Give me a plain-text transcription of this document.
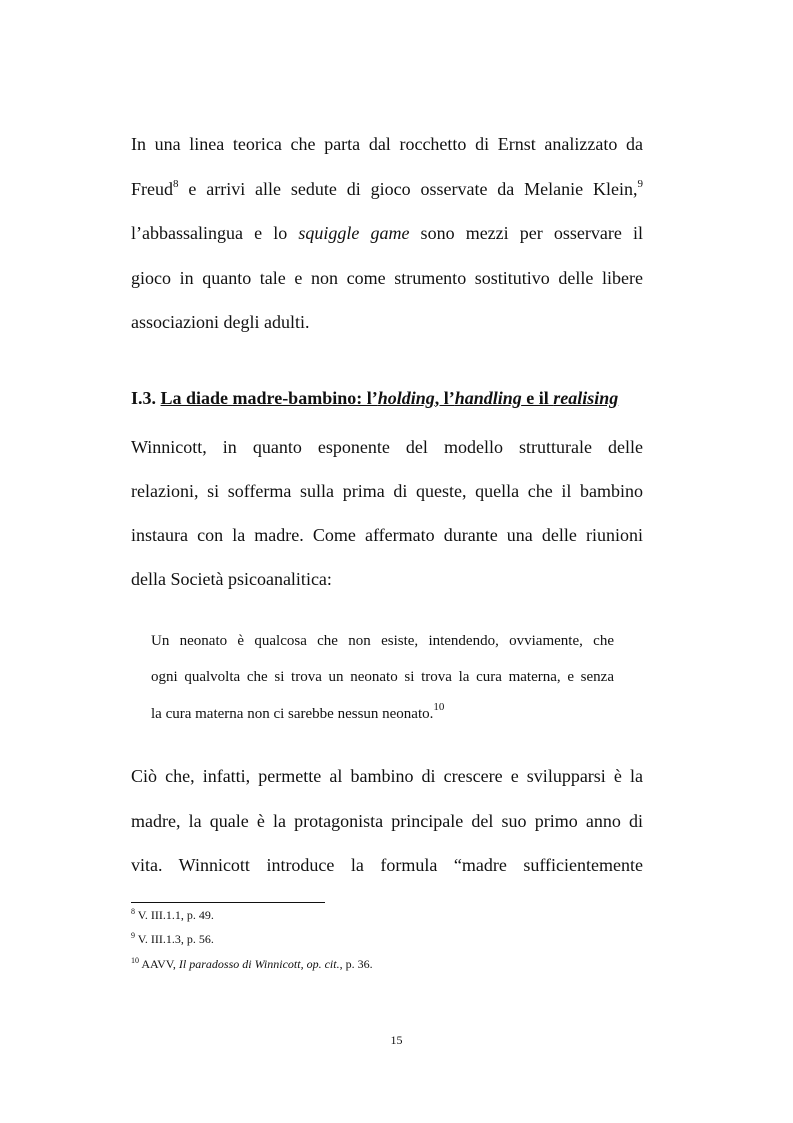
In una linea teorica che parta dal rocchetto di Ernst analizzato da
Freud$^8$ e arrivi alle sedute di gioco osservate da Melanie Klein,$^9$
l’abbassalingua e lo squiggle game sono mezzi per osservare il
gioco in quanto tale e non come strumento sostitutivo delle libere
associazioni degli adulti.
I.3. La diade madre-bambino: l’holding, l’handling e il realising
Winnicott, in quanto esponente del modello strutturale delle
relazioni, si sofferma sulla prima di queste, quella che il bambino
instaura con la madre. Come affermato durante una delle riunioni
della Società psicoanalitica:
Un neonato è qualcosa che non esiste, intendendo, ovviamente, che
ogni qualvolta che si trova un neonato si trova la cura materna, e senza
la cura materna non ci sarebbe nessun neonato.$^{10}$
Ciò che, infatti, permette al bambino di crescere e svilupparsi è la
madre, la quale è la protagonista principale del suo primo anno di
vita. Winnicott introduce la formula “madre sufficientemente
$^8$ V. III.1.1, p. 49.
$^9$ V. III.1.3, p. 56.
$^{10}$ AAVV, Il paradosso di Winnicott, op. cit., p. 36.
15
